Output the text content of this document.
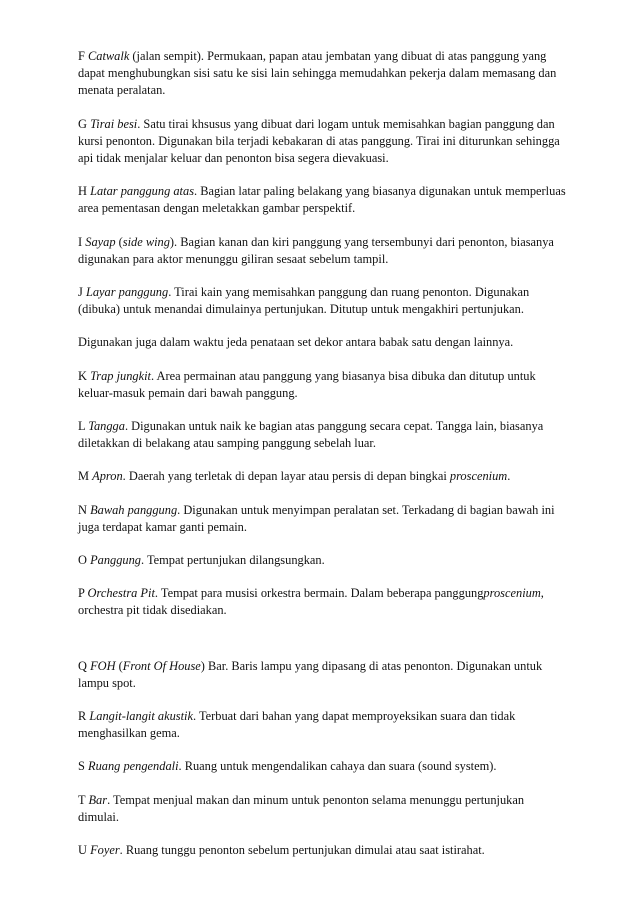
F Catwalk (jalan sempit). Permukaan, papan atau jembatan yang dibuat di atas panggung yang dapat menghubungkan sisi satu ke sisi lain sehingga memudahkan pekerja dalam memasang dan menata peralatan.

G Tirai besi. Satu tirai khsusus yang dibuat dari logam untuk memisahkan bagian panggung dan kursi penonton. Digunakan bila terjadi kebakaran di atas panggung. Tirai ini diturunkan sehingga api tidak menjalar keluar dan penonton bisa segera dievakuasi.

H Latar panggung atas. Bagian latar paling belakang yang biasanya digunakan untuk memperluas area pementasan dengan meletakkan gambar perspektif.

I Sayap (side wing). Bagian kanan dan kiri panggung yang tersembunyi dari penonton, biasanya digunakan para aktor menunggu giliran sesaat sebelum tampil.

J Layar panggung. Tirai kain yang memisahkan panggung dan ruang penonton. Digunakan (dibuka) untuk menandai dimulainya pertunjukan. Ditutup untuk mengakhiri pertunjukan.

Digunakan juga dalam waktu jeda penataan set dekor antara babak satu dengan lainnya.

K Trap jungkit. Area permainan atau panggung yang biasanya bisa dibuka dan ditutup untuk keluar-masuk pemain dari bawah panggung.

L Tangga. Digunakan untuk naik ke bagian atas panggung secara cepat. Tangga lain, biasanya diletakkan di belakang atau samping panggung sebelah luar.

M Apron. Daerah yang terletak di depan layar atau persis di depan bingkai proscenium.

N Bawah panggung. Digunakan untuk menyimpan peralatan set. Terkadang di bagian bawah ini juga terdapat kamar ganti pemain.

O Panggung. Tempat pertunjukan dilangsungkan.

P Orchestra Pit. Tempat para musisi orkestra bermain. Dalam beberapa panggungproscenium, orchestra pit tidak disediakan.

Q FOH (Front Of House) Bar. Baris lampu yang dipasang di atas penonton. Digunakan untuk lampu spot.

R Langit-langit akustik. Terbuat dari bahan yang dapat memproyeksikan suara dan tidak menghasilkan gema.

S Ruang pengendali. Ruang untuk mengendalikan cahaya dan suara (sound system).

T Bar. Tempat menjual makan dan minum untuk penonton selama menunggu pertunjukan dimulai.

U Foyer. Ruang tunggu penonton sebelum pertunjukan dimulai atau saat istirahat.
